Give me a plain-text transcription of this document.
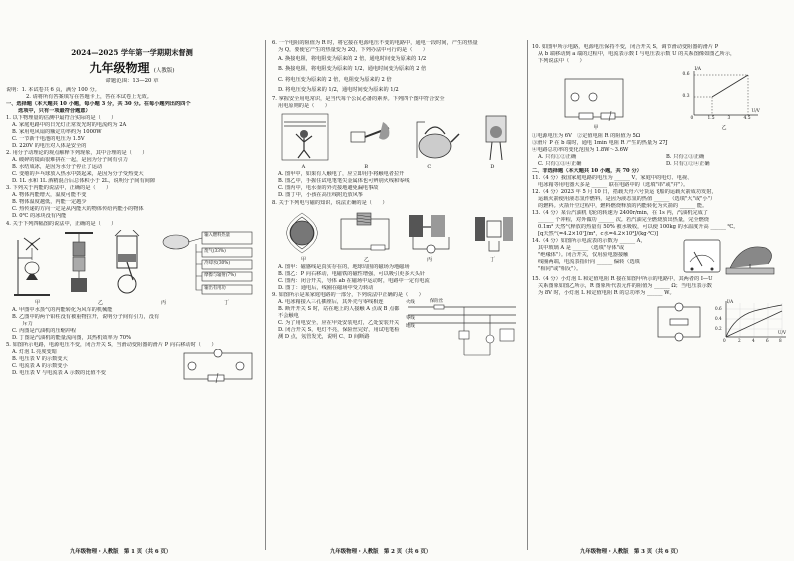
2024—2025 学年第一学期期末督测

九年级物理 (人教版)

命题范围：13—20 章

说明：1. 本试卷共 6 页，满分 100 分。

2. 请将所有答案填写在答题卡上，答在本试卷上无效。

一、选择题（本大题共 10 小题，每小题 3 分，共 30 分。在每小题列出的四个

选项中，只有一项最符合题意）

1. 以下物理量的估测中最符合实际的是（　　）

A. 家庭电路中的日光灯正常发光时的电流约为 2A

B. 家用电风扇的额定功率约为 1000W

C. 一节新干电池的电压为 1.5V

D. 220V 的电压对人体是安全的

2. 用分子动理论的观点解释下列现象，其中合理的是（　　）

A. 破碎的镜面很难拼在一起，是因为分子间有引力

B. 水结成冰，是因为水分子停止了运动

C. 变瘪的乒乓球放入热水中鼓起来，是因为分子受热变大

D. 1L 水和 1L 酒精混合后总体积小于 2L，说明分子间有间隙

3. 下列关于内能的说法中，正确的是（　　）

A. 物体内能增大，温度可能不变

B. 物体温度越低，内能一定越少

C. 热传递的方向一定是从内能大的物体传给内能小的物体

D. 0℃ 的冰块没有内能

4. 关于下列四幅图的说法中，正确的是（　　）

输入燃料热量
废气(33%)
冷却水(30%)
摩擦与辐射(7%)
输出有用功
甲	乙	丙	丁

A. 甲图中水蒸气的内能转化为风车的机械能

B. 乙图中的两个铅柱没有被重物拉开，说明分子间有引力，没有

　　斥力

C. 丙图是汽油机的压缩冲程

D. 丁图是汽油机的能量流向图，其热机效率为 70%

5. 如图所示电路，电源电压不变，闭合开关 S，当滑动变阻器的滑片 P 向右移动时（　　）

A. 灯泡 L 亮度变暗

B. 电压表 V 的示数变大

C. 电流表 A 的示数变小

D. 电压表 V 与电流表 A 示数的比值不变

九年级物理・人教版　第 1 页（共 6 页）

6. 一个电阻的阻值为 R 时，将它接在电源电压不变的电路中，通电一段时间，产生的热量

为 Q，要使它产生的热量变为 2Q，下列办法中可行的是（　　）

A. 换接电阻，将电阻变为原来的 2 倍，通电时间变为原来的 1/2

B. 换接电阻，将电阻变为原来的 1/2，通电时间变为原来的 2 倍

C. 将电压变为原来的 2 倍，电阻变为原来的 2 倍

D. 将电压变为原来的 1/2，通电时间变为原来的 1/2

7. 掌握安全用电常识，是当代每个公民必备的素养。下列四个图中符合安全

用电原则的是（　　）

A	B	C	D

A. 图甲中，如果有人触电了，应立即用手将触电者拉开

B. 图乙中，手握住试电笔笔尖金属体也可辨别火线和零线

C. 图丙中，电水壶的外壳接地避免漏电事故

D. 图丁中，小孩在高压线附近放风筝

8. 关于下列电与磁的知识，说法正确的是（　　）

甲	乙	丙	丁

A. 图甲：磁感线是真实存在的，地球周围的磁场为地磁场

B. 图乙：P 向右移动，电磁铁的磁性增强，可以吸引更多大头针

C. 图丙：闭合开关，导体 ab 在磁场中运动时，电路中一定有电流

D. 图丁：通电后，线圈在磁场中受力转动

9. 如图所示是某家庭电路的一部分，下列说法中正确的是（　　）

A. 电冰箱接入三孔插座后，其外壳与零线相连

B. 断开开关 S 时，站在地上的人接触 A 点或 B 点都不会触电

C. 为了用电安全，应在甲处安装电灯，乙处安装开关

D. 闭合开关 S，电灯不亮，保险丝完好，用试电笔检测 D 点，氖管发光，说明 C、D 间断路

火线
零线
地线
保险丝
九年级物理・人教版　第 2 页（共 6 页）

10. 如图甲所示电路，电源电压保持不变，闭合开关 S，调节滑动变阻器的滑片 P

从 b 端移动到 a 端的过程中，电流表示数 I 与电压表示数 U 的关系图像如图乙所示，

下列说法中（　　）

I/A
0.6
0.3
0	1.5	3	4.5
U/V
甲	乙

①电源电压为 6V　②定值电阻 R 的阻值为 5Ω

③滑片 P 在 b 端时，通电 1min 电阻 R 产生的热量为 27J

④电路总功率的变化范围为 1.8W～3.6W

A. 只有①②正确	B. 只有②③正确

C. 只有①③④正确	D. 只有①②④正确

二、非选择题（本大题共 10 小题，共 70 分）

11.（4 分）我国家庭电路的电压为 ______ V，家庭中的电灯、电视、

电冰箱等用电器大多是 ______ 联在电路中的（选填"串"或"并"）。

12.（4 分）2023 年 5 月 10 日，搭载天舟六号货运飞船的运载火箭成功发射，

运载火箭使用液态氢作燃料，是因为液态氢的热值 ______（选填"大"或"小"）

的燃料。火箭升空过程中，燃料燃烧释放的内能转化为火箭的 ______ 能。

13.（4 分）某台汽油机飞轮的转速为 2400r/min，在 1s 内，汽油机完成了

______ 个冲程，对外做功 ______ 次。若汽油完全燃烧放出热量，完全燃烧

0.1m³ 天然气释放的热量有 50% 被水吸收，可以使 100kg 的水温度升高 ______ ℃。

[q天然气=4.2×10⁷J/m³，c水=4.2×10³J/(kg·℃)]

14.（4 分）如图所示电流表的示数为 ______ A，

其中玻璃 A 是 ______（选填"导体"或

"绝缘体"）。闭合开关，仅用验电器接触

线圈两端，电流表指针向 ______ 偏转（选填

"相同"或"相反"）。

15.（4 分）小灯泡 L 和定值电阻 R 接在如图甲所示的电路中，其两者的 I—U

关系图象如图乙所示，R 图象所代表元件的阻值为 ______ Ω；当电压表示数

为 8V 时，小灯泡 L 和定值电阻 R 的总功率为 ______ W。

I/A
0.6
0.4
0.2
0	2	4	6 8
U/V
九年级物理・人教版　第 3 页（共 6 页）
